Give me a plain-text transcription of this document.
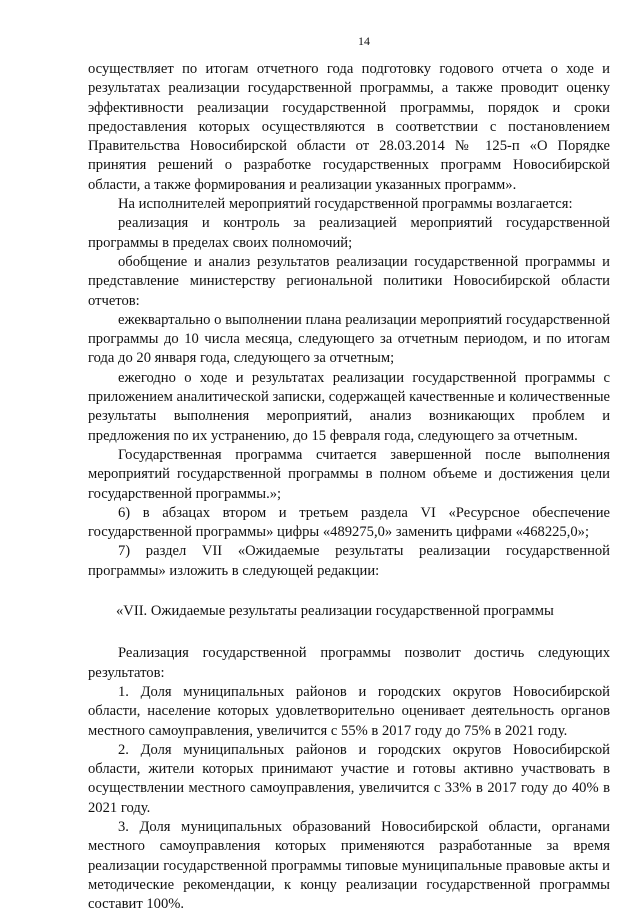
14

осуществляет по итогам отчетного года подготовку годового отчета о ходе и результатах реализации государственной программы, а также проводит оценку эффективности реализации государственной программы, порядок и сроки предоставления которых осуществляются в соответствии с постановлением Правительства Новосибирской области от 28.03.2014 № 125-п «О Порядке принятия решений о разработке государственных программ Новосибирской области, а также формирования и реализации указанных программ».

На исполнителей мероприятий государственной программы возлагается:

реализация и контроль за реализацией мероприятий государственной программы в пределах своих полномочий;

обобщение и анализ результатов реализации государственной программы и представление министерству региональной политики Новосибирской области отчетов:

ежеквартально о выполнении плана реализации мероприятий государственной программы до 10 числа месяца, следующего за отчетным периодом, и по итогам года до 20 января года, следующего за отчетным;

ежегодно о ходе и результатах реализации государственной программы с приложением аналитической записки, содержащей качественные и количественные результаты выполнения мероприятий, анализ возникающих проблем и предложения по их устранению, до 15 февраля года, следующего за отчетным.

Государственная программа считается завершенной после выполнения мероприятий государственной программы в полном объеме и достижения цели государственной программы.»;

6) в абзацах втором и третьем раздела VI «Ресурсное обеспечение государственной программы» цифры «489275,0» заменить цифрами «468225,0»;

7) раздел VII «Ожидаемые результаты реализации государственной программы» изложить в следующей редакции:

«VII. Ожидаемые результаты реализации государственной программы

Реализация государственной программы позволит достичь следующих результатов:

1. Доля муниципальных районов и городских округов Новосибирской области, население которых удовлетворительно оценивает деятельность органов местного самоуправления, увеличится с 55% в 2017 году до 75% в 2021 году.

2. Доля муниципальных районов и городских округов Новосибирской области, жители которых принимают участие и готовы активно участвовать в осуществлении местного самоуправления, увеличится с 33% в 2017 году до 40% в 2021 году.

3. Доля муниципальных образований Новосибирской области, органами местного самоуправления которых применяются разработанные за время реализации государственной программы типовые муниципальные правовые акты и методические рекомендации, к концу реализации государственной программы составит 100%.
